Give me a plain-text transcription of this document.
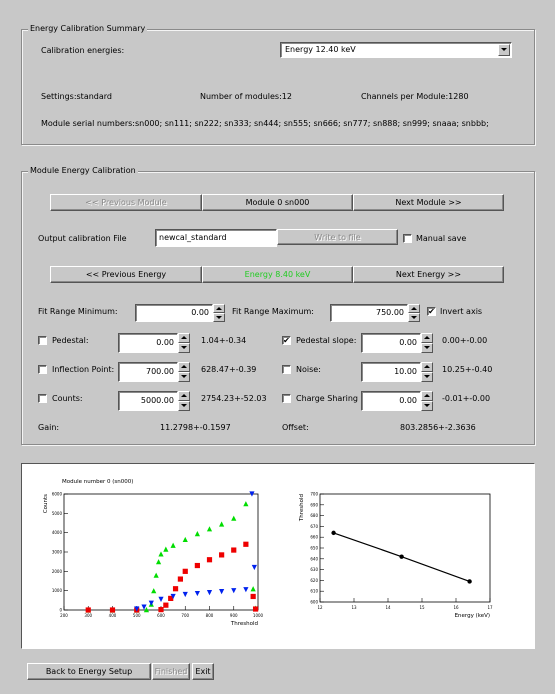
Energy Calibration Summary
Calibration energies:	Energy 12.40 keV
Settings:standard	Number of modules:12	Channels per Module:1280
Module serial numbers:sn000; sn111; sn222; sn333; sn444; sn555; sn666; sn777; sn888; sn999; snaaa; snbbb;
Module Energy Calibration
<< Previous Module	Module 0 sn000	Next Module >>
Output calibration File	newcal_standard	Write to file	Manual save
<< Previous Energy	Energy 8.40 keV	Next Energy >>
Fit Range Minimum:	0.00	Fit Range Maximum:	750.00	✔ Invert axis
Pedestal:	0.00	1.04+-0.34	✔ Pedestal slope:	0.00	0.00+-0.00
Inflection Point:	700.00	628.47+-0.39	Noise:	10.00	10.25+-0.40
Counts:	5000.00	2754.23+-52.03	Charge Sharing	0.00	-0.01+-0.00
Gain:	11.2798+-0.1597	Offset:	803.2856+-2.3636
Module number 0 (sn000)
200	300	400	500	600	700	800	900	1000
0
1000
2000
3000
4000
5000
6000
Threshold
Counts
12	13	14	15	16	17
600
610
620
630
640
650
660
670
680
690
700
Energy (keV)
Threshold
Back to Energy Setup	Finished Exit
